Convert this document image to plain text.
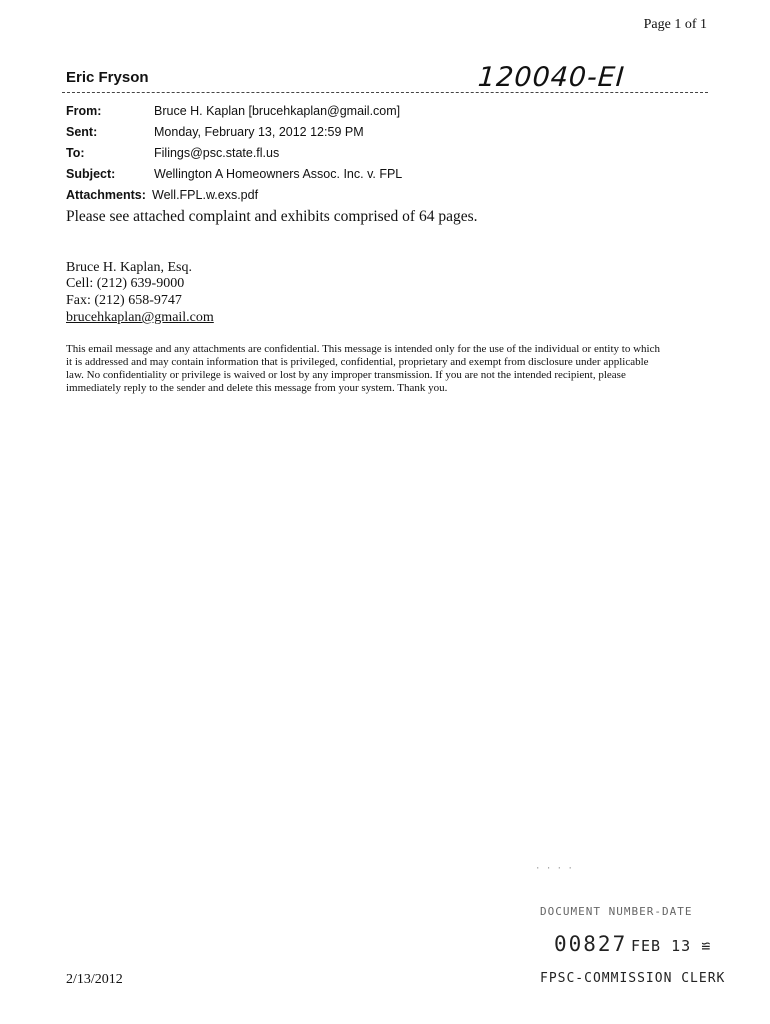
Page 1 of 1
Eric Fryson	120040-EI
From:	Bruce H. Kaplan [brucehkaplan@gmail.com]
Sent:	Monday, February 13, 2012 12:59 PM
To:	Filings@psc.state.fl.us
Subject:	Wellington A Homeowners Assoc. Inc. v. FPL
Attachments: Well.FPL.w.exs.pdf
Please see attached complaint and exhibits comprised of 64 pages.
Bruce H. Kaplan, Esq.
Cell: (212) 639-9000
Fax: (212) 658-9747
brucehkaplan@gmail.com
This email message and any attachments are confidential. This message is intended only for the use of the individual or entity to which it is addressed and may contain information that is privileged, confidential, proprietary and exempt from disclosure under applicable law. No confidentiality or privilege is waived or lost by any improper transmission. If you are not the intended recipient, please immediately reply to the sender and delete this message from your system. Thank you.
· · · ·
DOCUMENT NUMBER-DATE
00827 FEB 13 ≌
FPSC-COMMISSION CLERK
2/13/2012
